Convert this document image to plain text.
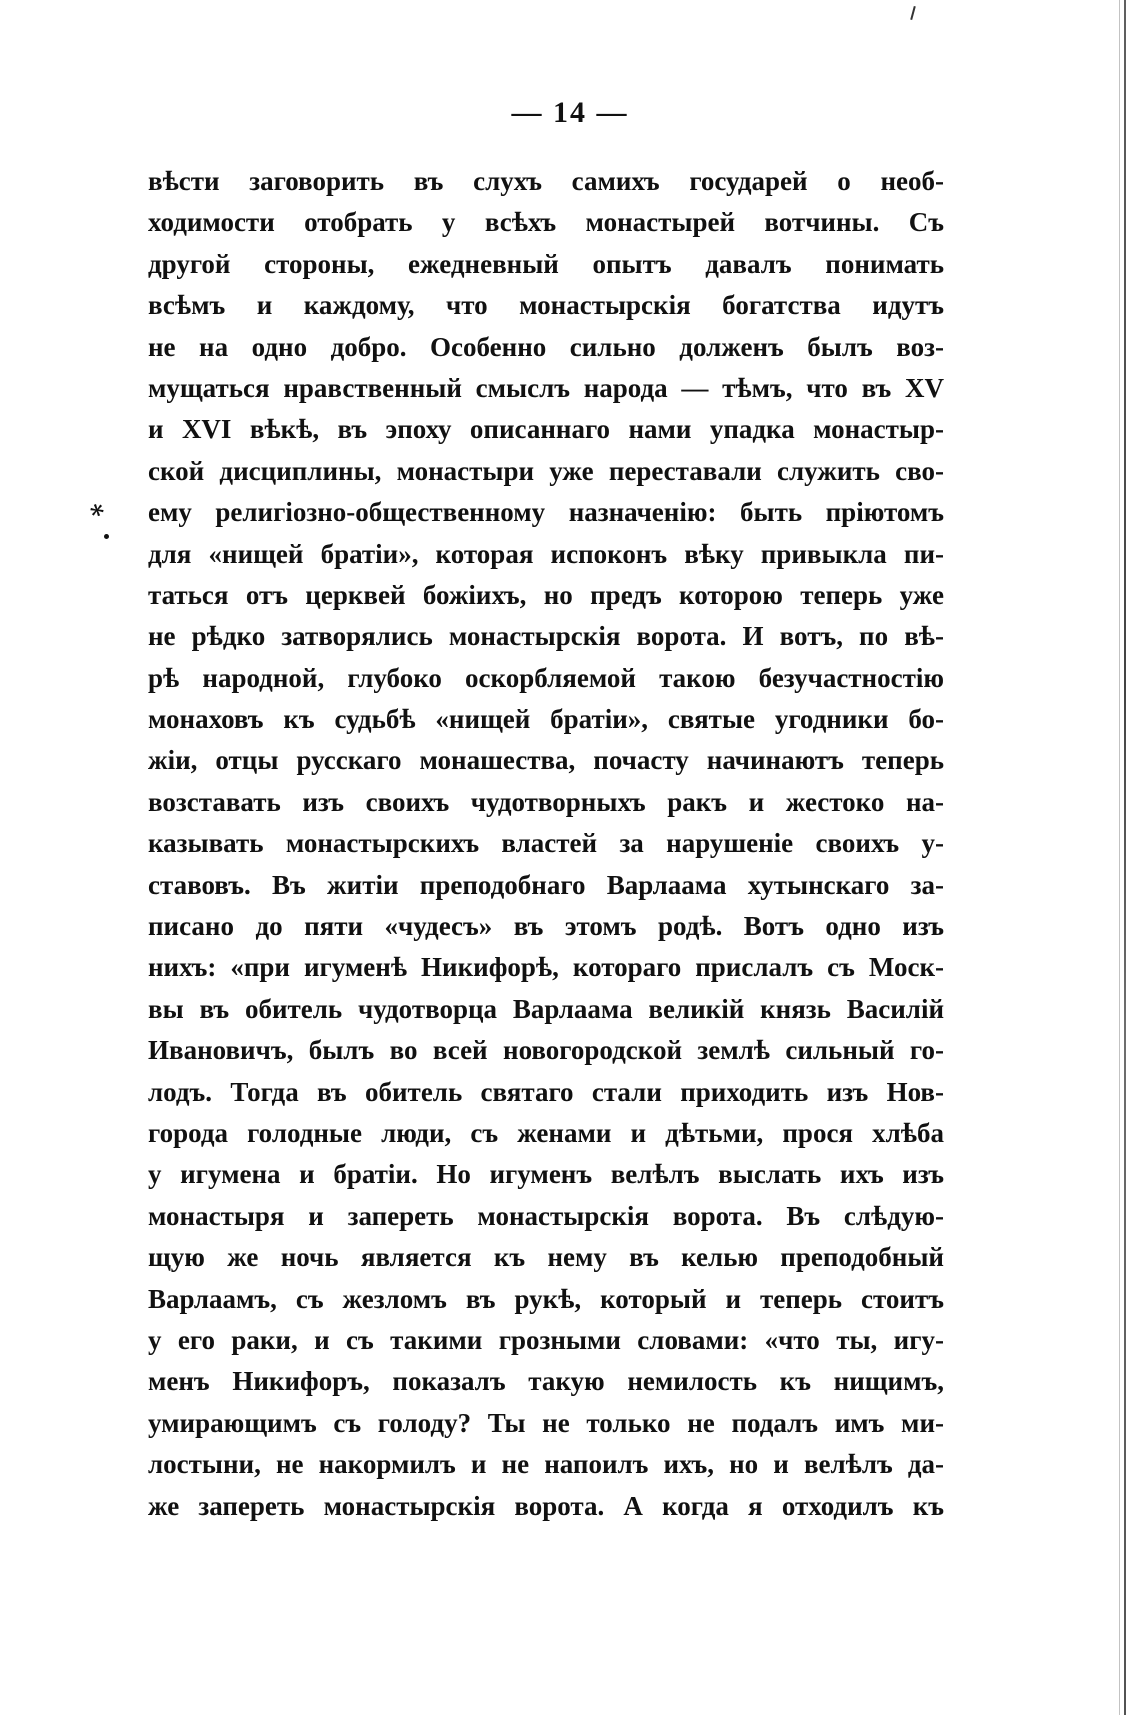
— 14 —
*
вѣсти заговорить въ слухъ самихъ государей о необ-
ходимости отобрать у всѣхъ монастырей вотчины. Съ
другой стороны, ежедневный опытъ давалъ понимать
всѣмъ и каждому, что монастырскія богатства идутъ
не на одно добро. Особенно сильно долженъ былъ воз-
мущаться нравственный смыслъ народа — тѣмъ, что въ XV
и XVI вѣкѣ, въ эпоху описаннаго нами упадка монастыр-
ской дисциплины, монастыри уже переставали служить сво-
ему религіозно-общественному назначенію: быть пріютомъ
для «нищей братіи», которая испоконъ вѣку привыкла пи-
таться отъ церквей божіихъ, но предъ которою теперь уже
не рѣдко затворялись монастырскія ворота. И вотъ, по вѣ-
рѣ народной, глубоко оскорбляемой такою безучастностію
монаховъ къ судьбѣ «нищей братіи», святые угодники бо-
жіи, отцы русскаго монашества, почасту начинаютъ теперь
возставать изъ своихъ чудотворныхъ ракъ и жестоко на-
казывать монастырскихъ властей за нарушеніе своихъ у-
ставовъ. Въ житіи преподобнаго Варлаама хутынскаго за-
писано до пяти «чудесъ» въ этомъ родѣ. Вотъ одно изъ
нихъ: «при игуменѣ Никифорѣ, котораго прислалъ съ Моск-
вы въ обитель чудотворца Варлаама великій князь Василій
Ивановичъ, былъ во всей новогородской землѣ сильный го-
лодъ. Тогда въ обитель святаго стали приходить изъ Нов-
города голодные люди, съ женами и дѣтьми, прося хлѣба
у игумена и братіи. Но игуменъ велѣлъ выслать ихъ изъ
монастыря и запереть монастырскія ворота. Въ слѣдую-
щую же ночь является къ нему въ келью преподобный
Варлаамъ, съ жезломъ въ рукѣ, который и теперь стоитъ
у его раки, и съ такими грозными словами: «что ты, игу-
менъ Никифоръ, показалъ такую немилость къ нищимъ,
умирающимъ съ голоду? Ты не только не подалъ имъ ми-
лостыни, не накормилъ и не напоилъ ихъ, но и велѣлъ да-
же запереть монастырскія ворота. А когда я отходилъ къ
